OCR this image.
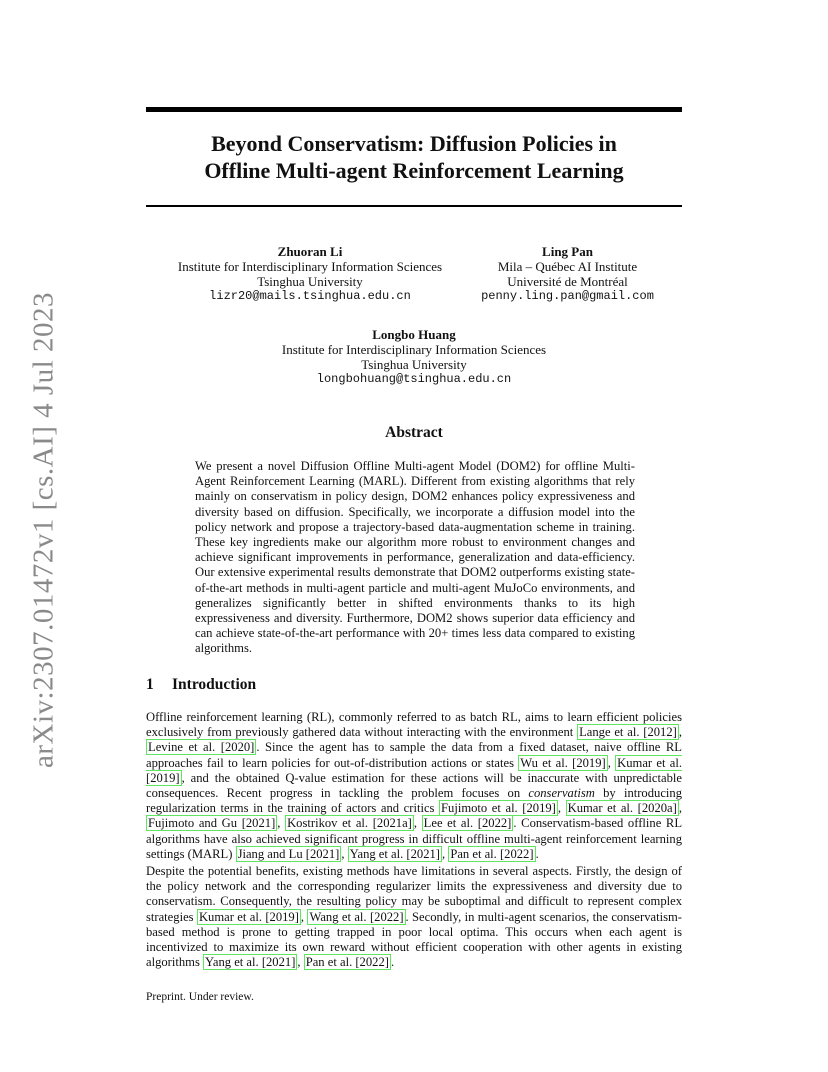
arXiv:2307.01472v1 [cs.AI] 4 Jul 2023
Beyond Conservatism: Diffusion Policies in
Offline Multi-agent Reinforcement Learning
Zhuoran Li
Institute for Interdisciplinary Information Sciences
Tsinghua University
lizr20@mails.tsinghua.edu.cn
Ling Pan
Mila – Québec AI Institute
Université de Montréal
penny.ling.pan@gmail.com
Longbo Huang
Institute for Interdisciplinary Information Sciences
Tsinghua University
longbohuang@tsinghua.edu.cn
Abstract
We present a novel Diffusion Offline Multi-agent Model (DOM2) for offline Multi-Agent Reinforcement Learning (MARL). Different from existing algorithms that rely mainly on conservatism in policy design, DOM2 enhances policy expressiveness and diversity based on diffusion. Specifically, we incorporate a diffusion model into the policy network and propose a trajectory-based data-augmentation scheme in training. These key ingredients make our algorithm more robust to environment changes and achieve significant improvements in performance, generalization and data-efficiency. Our extensive experimental results demonstrate that DOM2 outperforms existing state-of-the-art methods in multi-agent particle and multi-agent MuJoCo environments, and generalizes significantly better in shifted environments thanks to its high expressiveness and diversity. Furthermore, DOM2 shows superior data efficiency and can achieve state-of-the-art performance with 20+ times less data compared to existing algorithms.
1 Introduction
Offline reinforcement learning (RL), commonly referred to as batch RL, aims to learn efficient policies exclusively from previously gathered data without interacting with the environment Lange et al. [2012] , Levine et al. [2020] . Since the agent has to sample the data from a fixed dataset, naive offline RL approaches fail to learn policies for out-of-distribution actions or states Wu et al. [2019] , Kumar et al. [2019] , and the obtained Q-value estimation for these actions will be inaccurate with unpredictable consequences. Recent progress in tackling the problem focuses on conservatism by introducing regularization terms in the training of actors and critics Fujimoto et al. [2019] , Kumar et al. [2020a] , Fujimoto and Gu [2021] , Kostrikov et al. [2021a] , Lee et al. [2022] . Conservatism-based offline RL algorithms have also achieved significant progress in difficult offline multi-agent reinforcement learning settings (MARL) Jiang and Lu [2021] , Yang et al. [2021] , Pan et al. [2022] .
Despite the potential benefits, existing methods have limitations in several aspects. Firstly, the design of the policy network and the corresponding regularizer limits the expressiveness and diversity due to conservatism. Consequently, the resulting policy may be suboptimal and difficult to represent complex strategies Kumar et al. [2019] , Wang et al. [2022] . Secondly, in multi-agent scenarios, the conservatism-based method is prone to getting trapped in poor local optima. This occurs when each agent is incentivized to maximize its own reward without efficient cooperation with other agents in existing algorithms Yang et al. [2021] , Pan et al. [2022] .
Preprint. Under review.
